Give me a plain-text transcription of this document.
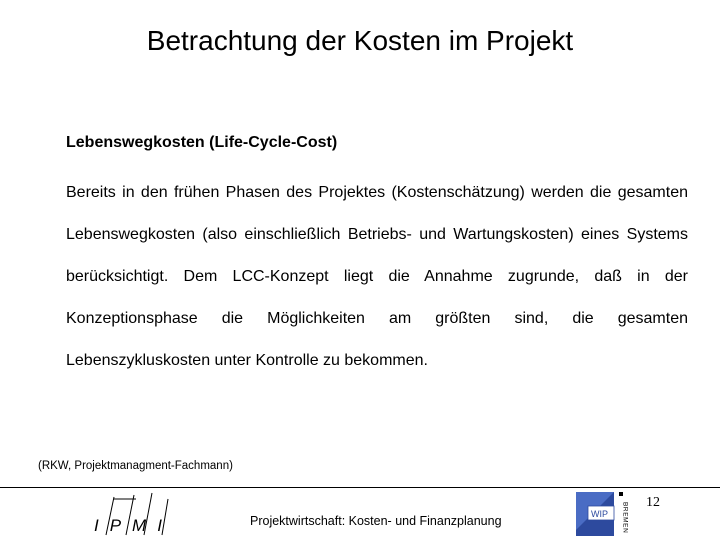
Betrachtung der Kosten im Projekt
Lebenswegkosten (Life-Cycle-Cost)
Bereits in den frühen Phasen des Projektes (Kostenschätzung) werden die gesamten Lebenswegkosten (also einschließlich Betriebs- und Wartungskosten) eines Systems berücksichtigt. Dem LCC-Konzept liegt die Annahme zugrunde, daß in der Konzeptionsphase die Möglichkeiten am größten sind, die gesamten Lebenszykluskosten unter Kontrolle zu bekommen.
(RKW, Projektmanagment-Fachmann)
IPMI	Projektwirtschaft: Kosten- und Finanzplanung	WIP BREMEN 12
